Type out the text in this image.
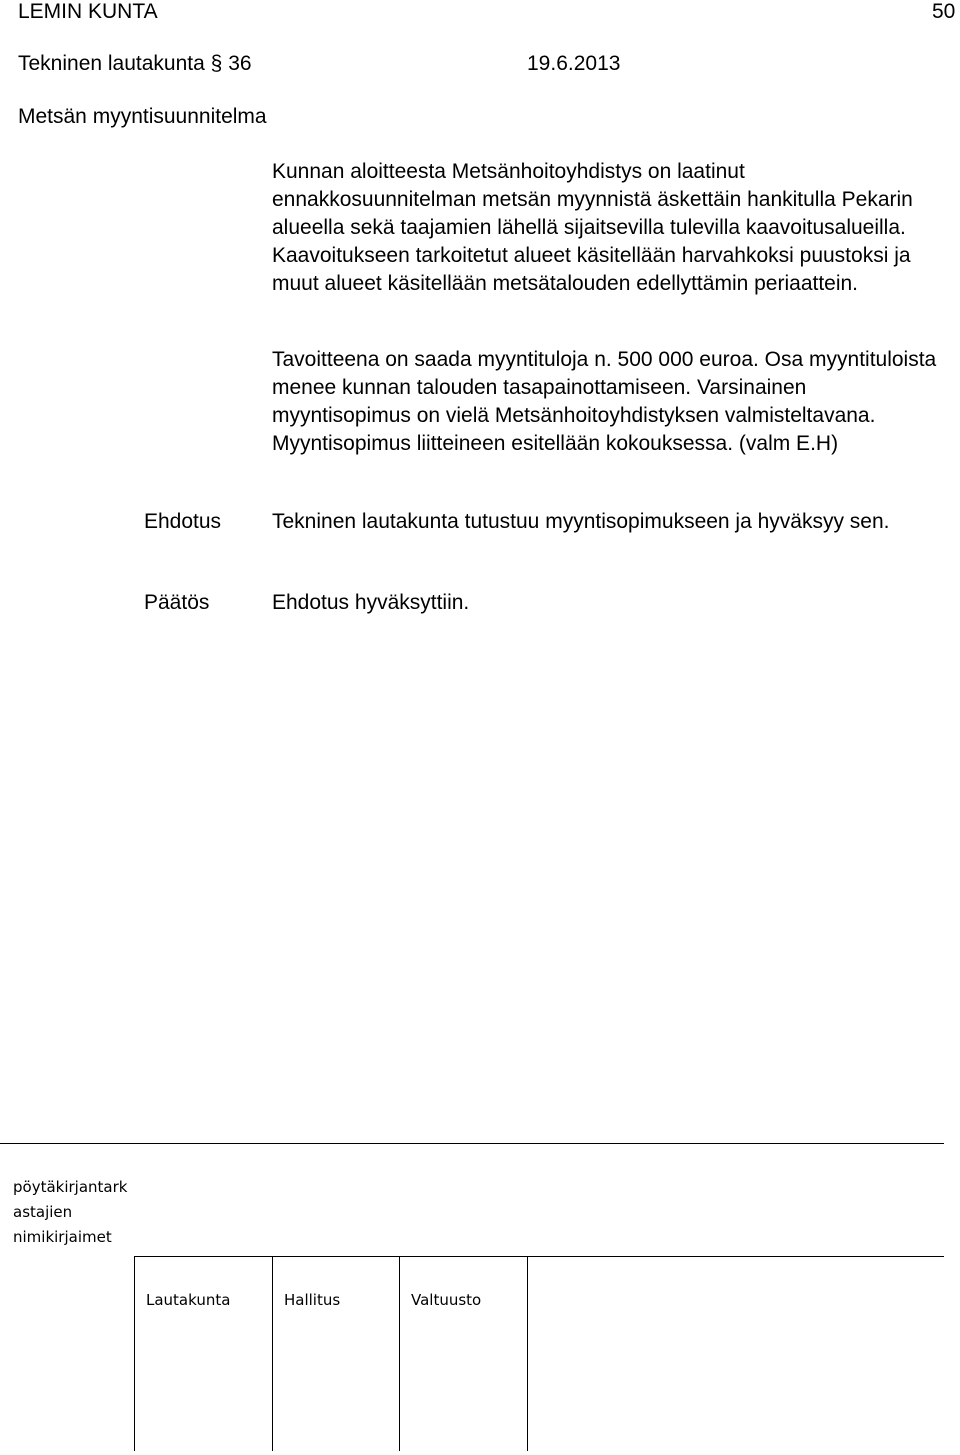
LEMIN KUNTA	50
Tekninen lautakunta § 36	19.6.2013
Metsän myyntisuunnitelma
Kunnan aloitteesta Metsänhoitoyhdistys on laatinut ennakkosuunnitelman metsän myynnistä äskettäin hankitulla Pekarin alueella sekä taajamien lähellä sijaitsevilla tulevilla kaavoitusalueilla. Kaavoitukseen tarkoitetut alueet käsitellään harvahkoksi puustoksi ja muut alueet käsitellään metsätalouden edellyttämin periaattein.
Tavoitteena on saada myyntituloja n. 500 000 euroa. Osa myyntituloista menee kunnan talouden tasapainottamiseen. Varsinainen myyntisopimus on vielä Metsänhoitoyhdistyksen valmisteltavana. Myyntisopimus liitteineen esitellään kokouksessa. (valm E.H)
Ehdotus Tekninen lautakunta tutustuu myyntisopimukseen ja hyväksyy sen.
Päätös	Ehdotus hyväksyttiin.
pöytäkirjantark
astajien
nimikirjaimet
Lautakunta	Hallitus	Valtuusto
